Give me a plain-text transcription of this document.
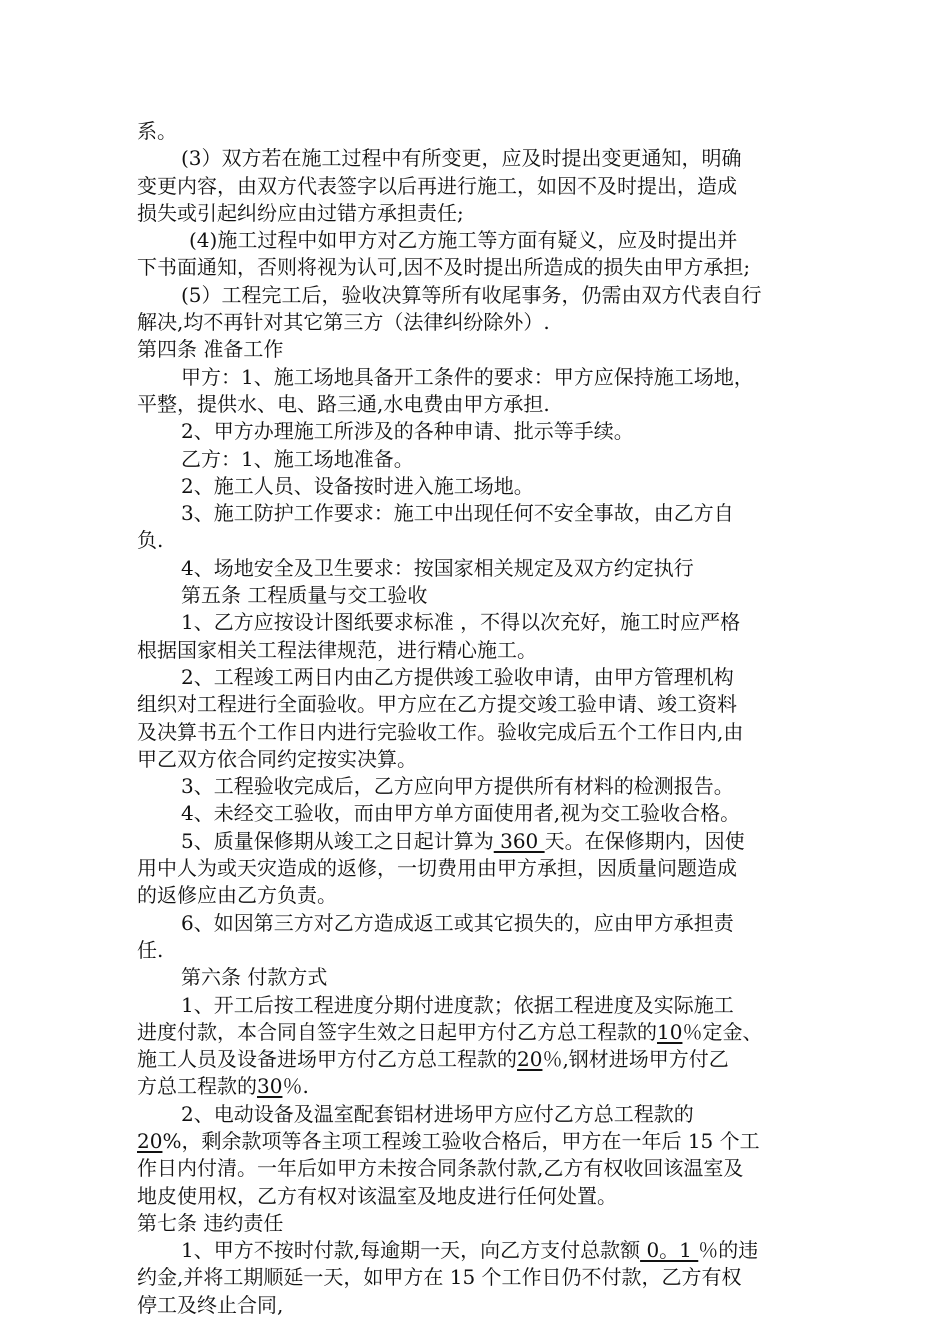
系。
(3）双方若在施工过程中有所变更，应及时提出变更通知，明确
变更内容，由双方代表签字以后再进行施工，如因不及时提出，造成
损失或引起纠纷应由过错方承担责任;
(4)施工过程中如甲方对乙方施工等方面有疑义，应及时提出并
下书面通知，否则将视为认可,因不及时提出所造成的损失由甲方承担;
(5）工程完工后，验收决算等所有收尾事务，仍需由双方代表自行
解决,均不再针对其它第三方（法律纠纷除外）.
第四条 准备工作
甲方：1、施工场地具备开工条件的要求：甲方应保持施工场地，
平整，提供水、电、路三通,水电费由甲方承担.
2、甲方办理施工所涉及的各种申请、批示等手续。
乙方：1、施工场地准备。
2、施工人员、设备按时进入施工场地。
3、施工防护工作要求：施工中出现任何不安全事故，由乙方自
负.
4、场地安全及卫生要求：按国家相关规定及双方约定执行
第五条 工程质量与交工验收
1、乙方应按设计图纸要求标准 ，不得以次充好，施工时应严格
根据国家相关工程法律规范，进行精心施工。
2、工程竣工两日内由乙方提供竣工验收申请，由甲方管理机构
组织对工程进行全面验收。甲方应在乙方提交竣工验申请、竣工资料
及决算书五个工作日内进行完验收工作。验收完成后五个工作日内,由
甲乙双方依合同约定按实决算。
3、工程验收完成后，乙方应向甲方提供所有材料的检测报告。
4、未经交工验收，而由甲方单方面使用者,视为交工验收合格。
5、质量保修期从竣工之日起计算为 360 天。在保修期内，因使
用中人为或天灾造成的返修，一切费用由甲方承担，因质量问题造成
的返修应由乙方负责。
6、如因第三方对乙方造成返工或其它损失的，应由甲方承担责
任.
第六条 付款方式
1、开工后按工程进度分期付进度款；依据工程进度及实际施工
进度付款，本合同自签字生效之日起甲方付乙方总工程款的10％定金、
施工人员及设备进场甲方付乙方总工程款的20％,钢材进场甲方付乙
方总工程款的30％.
2、电动设备及温室配套铝材进场甲方应付乙方总工程款的
20%，剩余款项等各主项工程竣工验收合格后，甲方在一年后 15 个工
作日内付清。一年后如甲方未按合同条款付款,乙方有权收回该温室及
地皮使用权，乙方有权对该温室及地皮进行任何处置。
第七条 违约责任
1、甲方不按时付款,每逾期一天，向乙方支付总款额 0。1 ％的违
约金,并将工期顺延一天，如甲方在 15 个工作日仍不付款，乙方有权
停工及终止合同,
